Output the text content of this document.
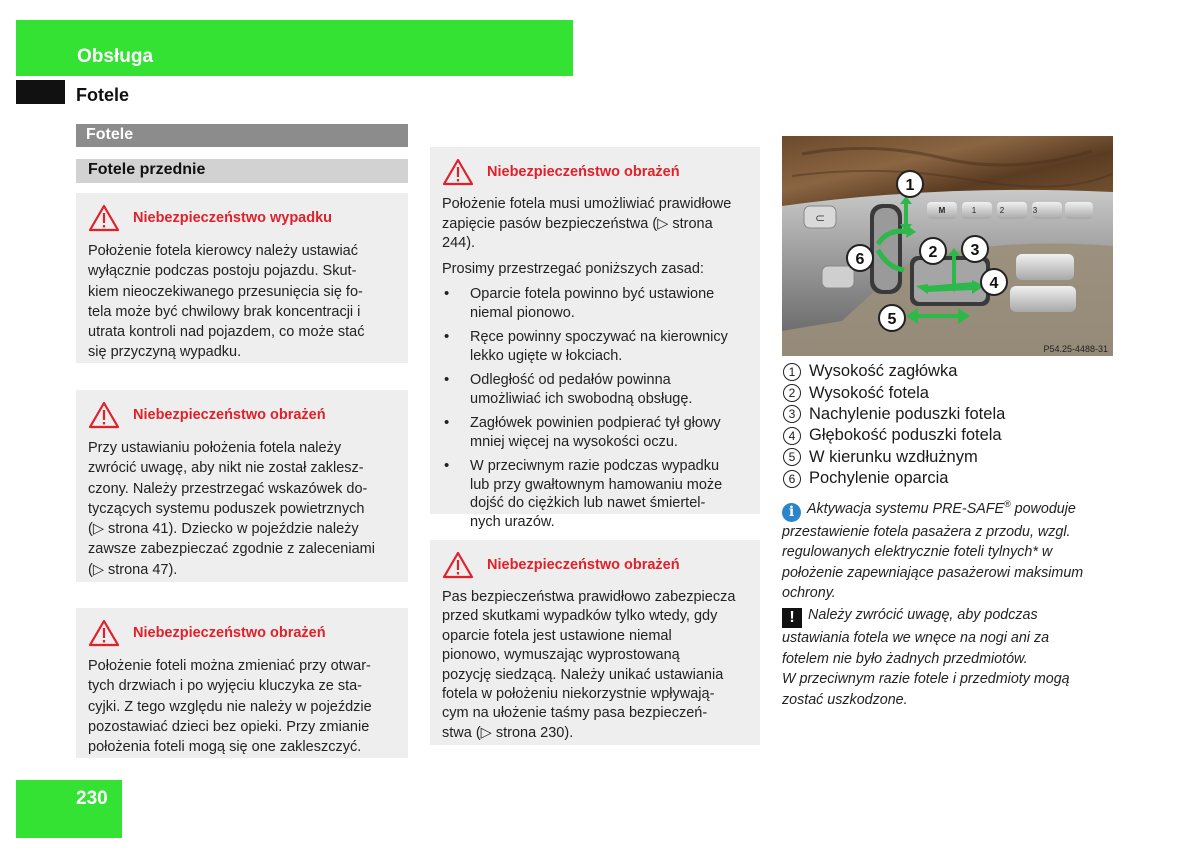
Obsługa
Fotele
Fotele
Fotele przednie
Niebezpieczeństwo wypadku
Położenie fotela kierowcy należy ustawiać
wyłącznie podczas postoju pojazdu. Skut-
kiem nieoczekiwanego przesunięcia się fo-
tela może być chwilowy brak koncentracji i
utrata kontroli nad pojazdem, co może stać
się przyczyną wypadku.
Niebezpieczeństwo obrażeń
Przy ustawianiu położenia fotela należy
zwrócić uwagę, aby nikt nie został zaklesz-
czony. Należy przestrzegać wskazówek do-
tyczących systemu poduszek powietrznych
(▷ strona 41). Dziecko w pojeździe należy
zawsze zabezpieczać zgodnie z zaleceniami
(▷ strona 47).
Niebezpieczeństwo obrażeń
Położenie foteli można zmieniać przy otwar-
tych drzwiach i po wyjęciu kluczyka ze sta-
cyjki. Z tego względu nie należy w pojeździe
pozostawiać dzieci bez opieki. Przy zmianie
położenia foteli mogą się one zakleszczyć.
Niebezpieczeństwo obrażeń
Położenie fotela musi umożliwiać prawidłowe
zapięcie pasów bezpieczeństwa (▷ strona 244).
Prosimy przestrzegać poniższych zasad:
• Oparcie fotela powinno być ustawione
niemal pionowo.
• Ręce powinny spoczywać na kierownicy
lekko ugięte w łokciach.
• Odległość od pedałów powinna
umożliwiać ich swobodną obsługę.
• Zagłówek powinien podpierać tył głowy
mniej więcej na wysokości oczu.
• W przeciwnym razie podczas wypadku
lub przy gwałtownym hamowaniu może
dojść do ciężkich lub nawet śmiertel-
nych urazów.
Niebezpieczeństwo obrażeń
Pas bezpieczeństwa prawidłowo zabezpiecza
przed skutkami wypadków tylko wtedy, gdy
oparcie fotela jest ustawione niemal
pionowo, wymuszając wyprostowaną
pozycję siedzącą. Należy unikać ustawiania
fotela w położeniu niekorzystnie wpływają-
cym na ułożenie taśmy pasa bezpieczeń-
stwa (▷ strona 230).
M	1	2	3
⊂
1
2 3
4
5
6
P54.25-4488-31
1 Wysokość zagłówka
2 Wysokość fotela
3 Nachylenie poduszki fotela
4 Głębokość poduszki fotela
5 W kierunku wzdłużnym
6 Pochylenie oparcia
i Aktywacja systemu PRE-SAFE® powoduje
przestawienie fotela pasażera z przodu, wzgl.
regulowanych elektrycznie foteli tylnych* w
położenie zapewniające pasażerowi maksimum
ochrony.
! Należy zwrócić uwagę, aby podczas
ustawiania fotela we wnęce na nogi ani za
fotelem nie było żadnych przedmiotów.
W przeciwnym razie fotele i przedmioty mogą
zostać uszkodzone.
230
